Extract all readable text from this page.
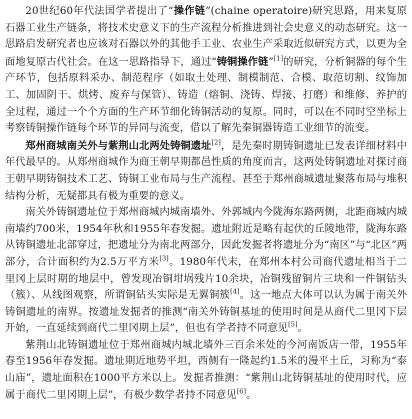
20世纪60年代法国学者提出了“操作链”(chaine operatoire)研究思路，用来复原石器工业生产链条，将技术史意义下的生产流程分析推进到社会史意义的动态研究。这一思路启发研究者也应该对石器以外的其他手工业、农业生产采取近似研究方式，以更为全面地复原古代社会。在这一思路指导下，通过“铸铜操作链”[1]的研究，分析铜器的每个生产环节，包括原料采办、制范程序（如取土处理、制模制范、合模、取范切割、纹饰加工、加固阴干、烘烤、废弃与保管）、铸造（熔铜、浇铸、焊接、打磨）和维修、养护的全过程，通过一个个方面的生产环节细化铸铜活动的复原。同时，可以在不同时空坐标上考察铸铜操作链每个环节的异同与流变，借以了解先秦铜器铸造工业细节的流变。

郑州商城南关外与紫荆山北两处铸铜遗址[2]，是先秦时期铸铜遗址已发表详细材料中年代最早的。从郑州商城作为商王朝早期都邑性质的角度而言，这两处铸铜遗址对探讨商王朝早期铸铜技术工艺、铸铜工业布局与生产流程、甚至于郑州商城遗址聚落布局与堆积结构分析，无疑都具有极为重要的意义。

南关外铸铜遗址位于郑州商城内城南墙外、外郭城内今陇海东路两侧，北距商城内城南墙约700米，1954年秋和1955年春发掘。遗址附近是略有起伏的丘陵地带，陇海东路从铸铜遗址北部穿过，把遗址分为南北两部分，因此发掘者将遗址分为“南区”与“北区”两部分，合计面积约为2.5万平方米[3]。1980年代末，在郑州本村公司商代遗址相当于二里冈上层时期的地层中，曾发现冶铜坩埚残片10余块，冶铜残留铜片三块和一件铜钻头（簇）、从线图观察，所谓铜钻头实际是无翼铜簇[4]。这一地点大体可以认为属于南关外铸铜遗址的南界。按遗址发掘者的推测“南关外铸铜基址的使用时间是从商代二里冈下层开始，一直延续到商代二里冈期上层”，但也有学者持不同意见[5]。

紫荆山北铸铜遗址位于郑州商城内城北墙外三百余米处的今河南饭店一带，1955年春至1956年春发掘。遗址期近地势平坦，西侧有一隆起约1.5米的漫平土丘，习称为“泰山庙”，遗址面积在1000平方米以上。发掘者推测：“紫荆山北铸铜基址的使用时代，应属于商代二里冈期上层”，有极少数学者持不同意见[6]。
